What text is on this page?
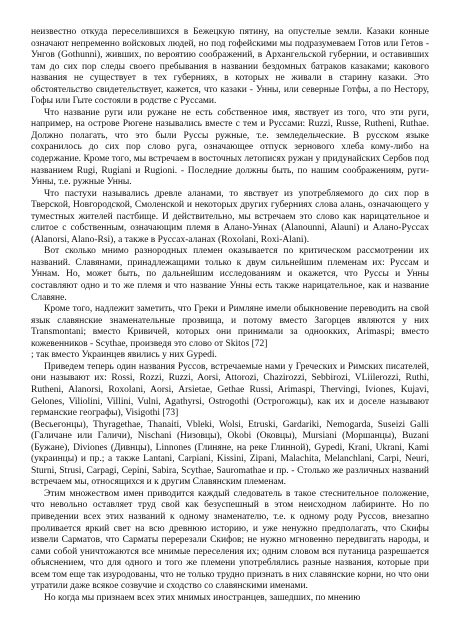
неизвестно откуда переселившихся в Бежецкую пятину, на опустелые земли. Казаки конные означают непременно войсковых людей, но под гофейскими мы подразумеваем Готов или Гетов - Унгов (Gothunni), живших, по вероятию соображений, в Архангельской губернии, и оставивших там до сих пор следы своего пребывания в названии бездомных батраков казаками; какового названия не существует в тех губерниях, в которых не живали в старину казаки. Это обстоятельство свидетельствует, кажется, что казаки - Унны, или северные Готфы, а по Нестору, Гофы или Гыте состояли в родстве с Руссами.

Что название руги или ружане не есть собственное имя, явствует из того, что эти руги, например, на острове Рюгене назывались вместе с тем и Руссами: Ruzzi, Russe, Rutheni, Ruthae. Должно полагать, что это были Руссы ружные, т.е. земледельческие. В русском языке сохранилось до сих пор слово руга, означающее отпуск зернового хлеба кому-либо на содержание. Кроме того, мы встречаем в восточных летописях ружан у придунайских Сербов под названием Rugi, Rugiani и Rugioni. - Последние должны быть, по нашим соображениям, руги-Унны, т.е. ружные Унны.

Что пастухи назывались древле аланами, то явствует из употребляемого до сих пор в Тверской, Новгородской, Смоленской и некоторых других губерниях слова алань, означающего у туместных жителей пастбище. И действительно, мы встречаем это слово как нарицательное и слитое с собственным, означающим племя в Алано-Уннах (Alanounni, Alauni) и Алано-Руссах (Alanorsi, Alano-Rsi), а также в Руссах-аланах (Roxolani, Roxi-Alani).

Вот сколько мнимо разнородных племен оказывается по критическом рассмотрении их названий. Славянами, принадлежащими только к двум сильнейшим племенам их: Руссам и Уннам. Но, может быть, по дальнейшим исследованиям и окажется, что Руссы и Унны составляют одно и то же племя и что название Унны есть также нарицательное, как и название Славяне.

Кроме того, надлежит заметить, что Греки и Римляне имели обыкновение переводить на свой язык славянские знаменательные прозвища, и потому вместо Загорцев являются у них Transmontani; вместо Кривичей, которых они принимали за одноокких, Arimaspi; вместо кожевенников - Scythae, произведя это слово от Skitos [72]

; так вместо Украинцев явились у них Gypedi.

Приведем теперь один названия Руссов, встречаемые нами у Греческих и Римских писателей, они называют их: Rossi, Rozzi, Ruzzi, Aorsi, Attorozi, Chazirozzi, Sebbirozi, VLiilerozzi, Ruthi, Rutheni, Alanorsi, Roxolani, Aorsi, Arsietae, Gethae Russi, Arimaspi, Thervingi, Iviones, Kujavi, Gelones, Viliolini, Villini, Vulni, Agathyrsi, Ostrogothi (Острогожцы), как их и доселе называют германские географы), Visigothi [73]

(Весьегонцы), Thyragethae, Thanaiti, Vbleki, Wolsi, Etruski, Gardariki, Nemogarda, Suseizi Galli (Галичане или Галичи), Nischani (Низовцы), Okobi (Оковцы), Mursiani (Моршанцы), Buzani (Бужане), Diviones (Дивнцы), Linnones (Глиняне, на реке Глинной), Gypedi, Krani, Ukrani, Kami (украинцы) и пр.; а также Lantani, Carpiani, Kissini, Zipani, Malachita, Melanchlani, Carpi, Neuri, Sturni, Strusi, Carpagi, Cepini, Sabira, Scythae, Sauromathae и пр. - Столько же различных названий встречаем мы, относящихся и к другим Славянским племенам.

Этим множеством имен приводится каждый следователь в такое стеснительное положение, что невольно оставляет труд свой как безуспешный в этом неисходном лабиринте. Но по приведении всех этих названий к одному знаменателю, т.е. к одному роду Руссов, внезапно проливается яркий свет на всю древнюю историю, и уже ненужно предполагать, что Скифы извели Сарматов, что Сарматы перерезали Скифов; не нужно мгновенно передвигать народы, и сами собой уничтожаются все мнимые переселения их; одним словом вся путаница разрешается объяснением, что для одного и того же племени употреблялись разные названия, которые при всем том еще так изуродованы, что не только трудно признать в них славянские корни, но что они утратили даже всякое созвучие и сходство со славянскими именами.

Но когда мы признаем всех этих мнимых иностранцев, зашедших, по мнению
